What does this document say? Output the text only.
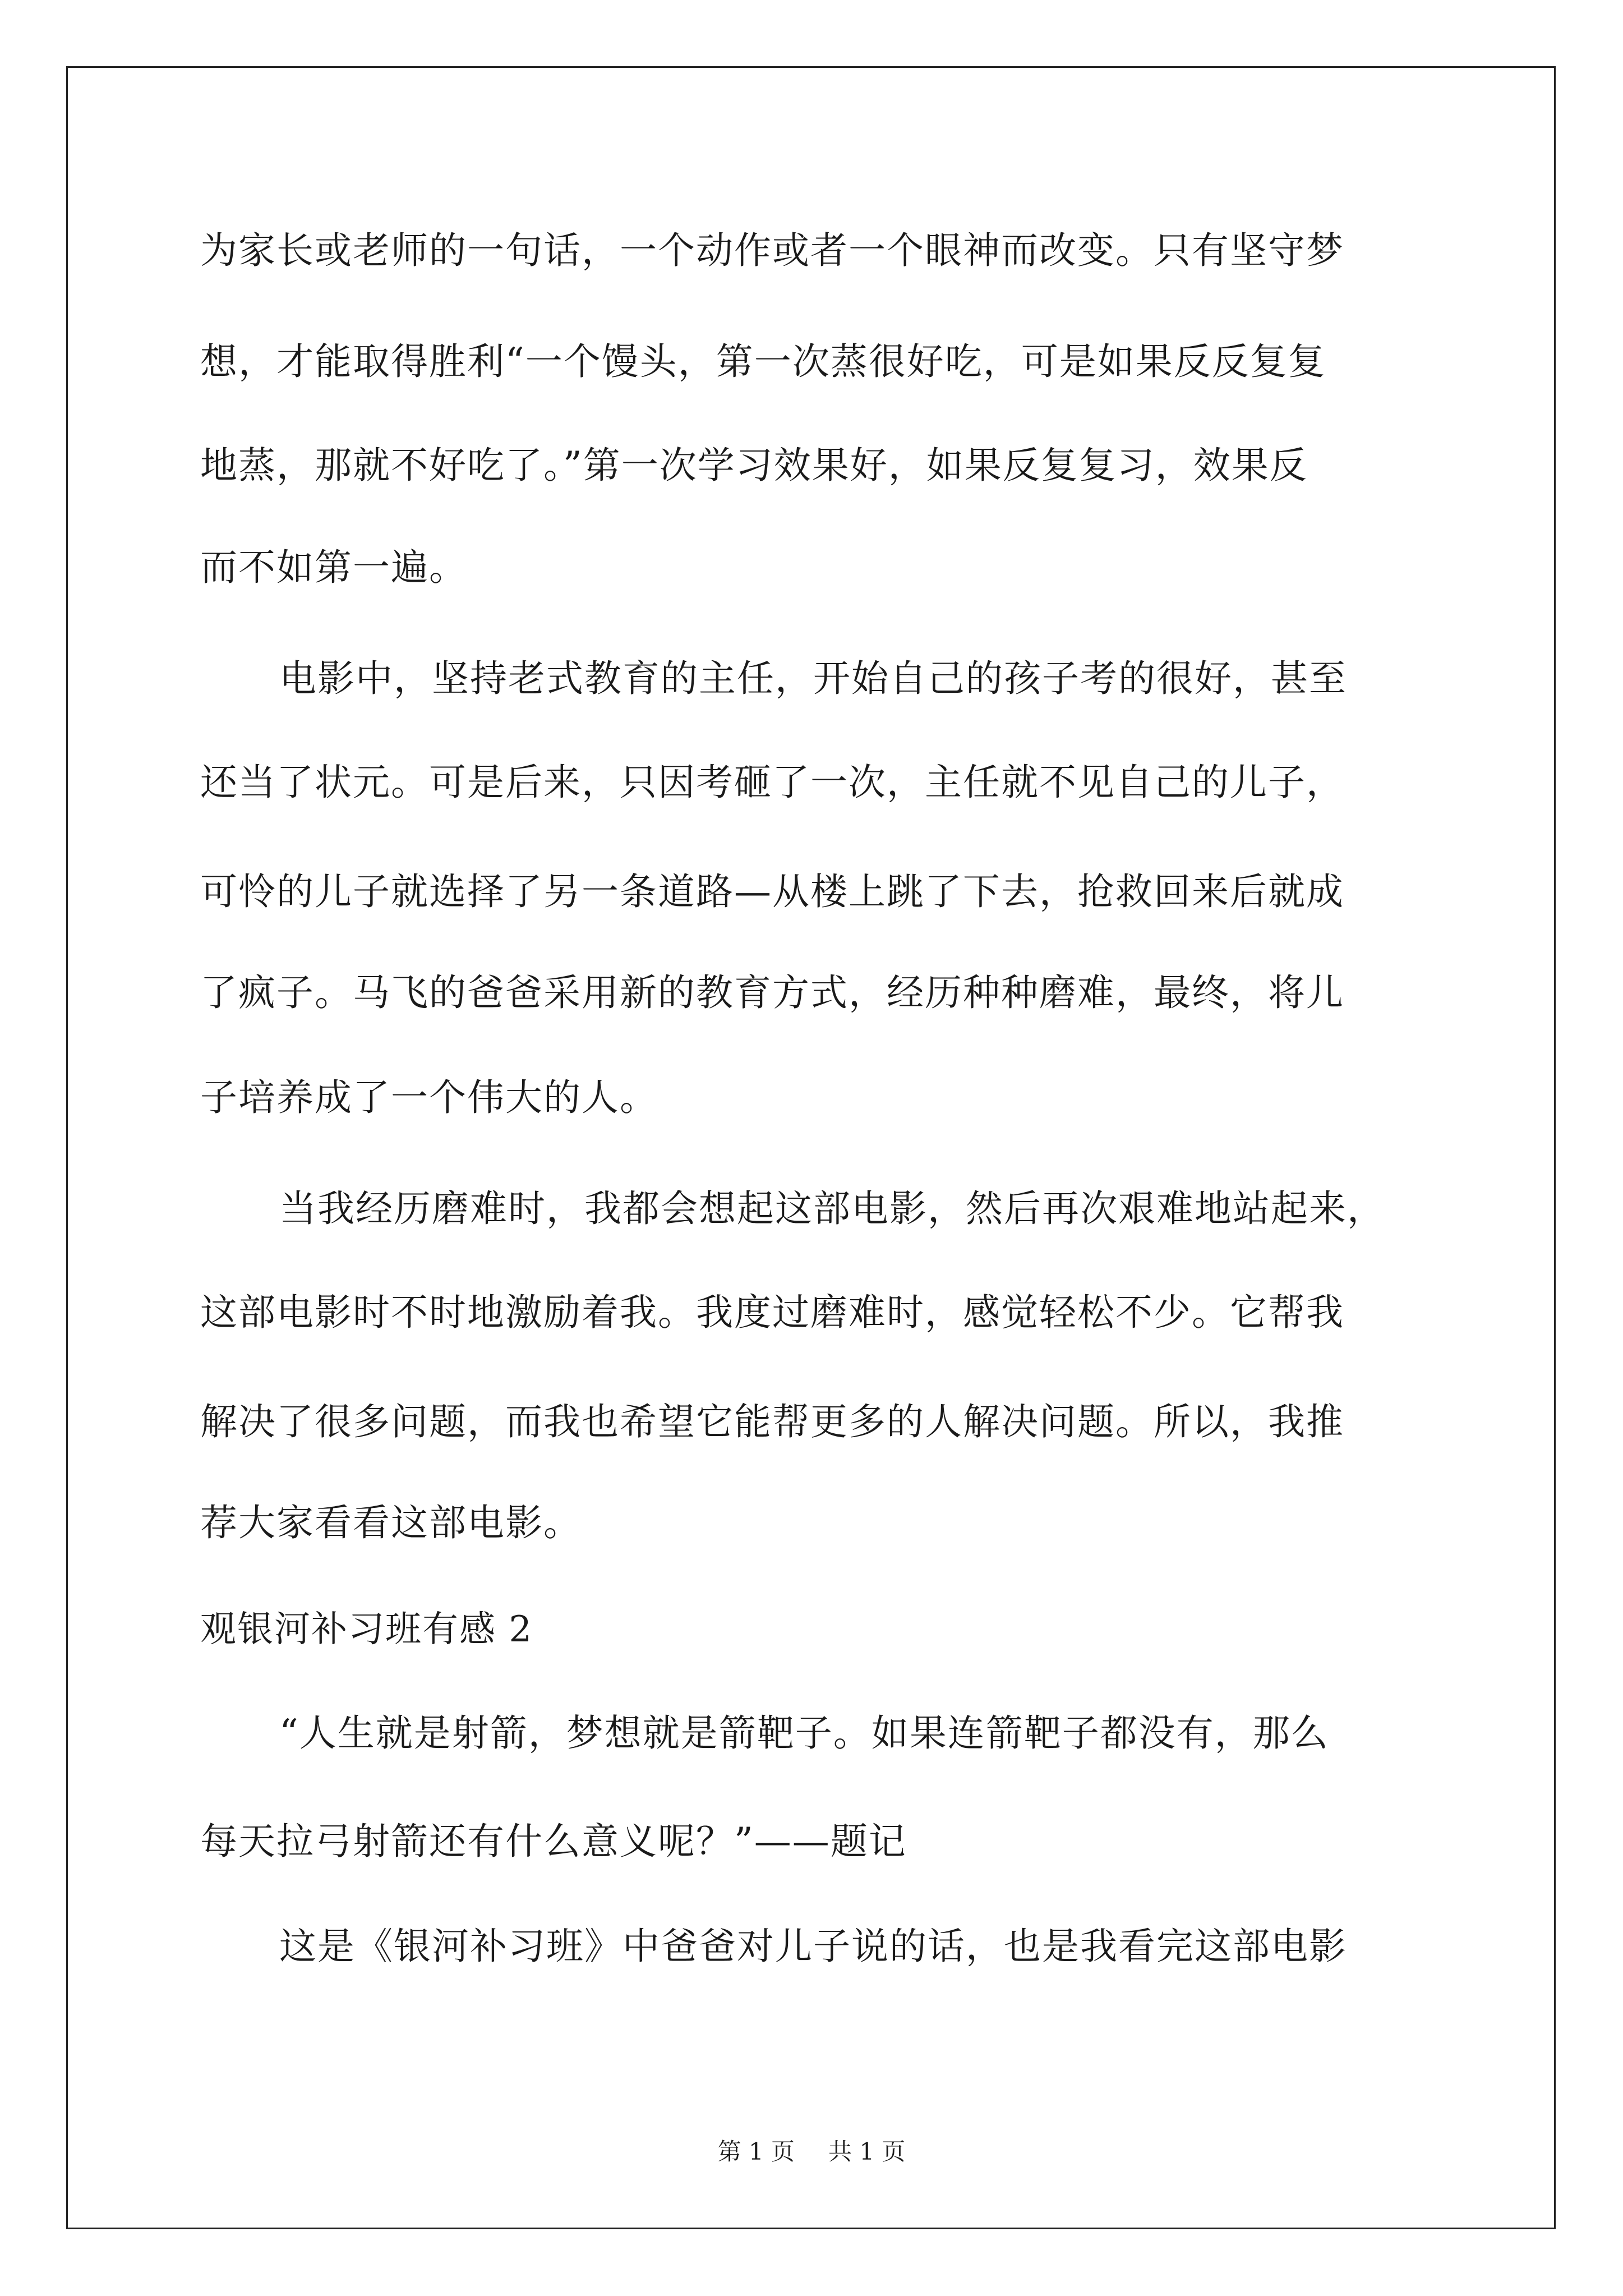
为家长或老师的一句话，一个动作或者一个眼神而改变。只有坚守梦
想，才能取得胜利“一个馒头，第一次蒸很好吃，可是如果反反复复
地蒸，那就不好吃了。”第一次学习效果好，如果反复复习，效果反
而不如第一遍。
电影中，坚持老式教育的主任，开始自己的孩子考的很好，甚至
还当了状元。可是后来，只因考砸了一次，主任就不见自己的儿子，
可怜的儿子就选择了另一条道路—从楼上跳了下去，抢救回来后就成
了疯子。马飞的爸爸采用新的教育方式，经历种种磨难，最终，将儿
子培养成了一个伟大的人。
当我经历磨难时，我都会想起这部电影，然后再次艰难地站起来，
这部电影时不时地激励着我。我度过磨难时，感觉轻松不少。它帮我
解决了很多问题，而我也希望它能帮更多的人解决问题。所以，我推
荐大家看看这部电影。
观银河补习班有感 2
“人生就是射箭，梦想就是箭靶子。如果连箭靶子都没有，那么
每天拉弓射箭还有什么意义呢？”——题记
这是《银河补习班》中爸爸对儿子说的话，也是我看完这部电影
第 1 页 共 1 页
